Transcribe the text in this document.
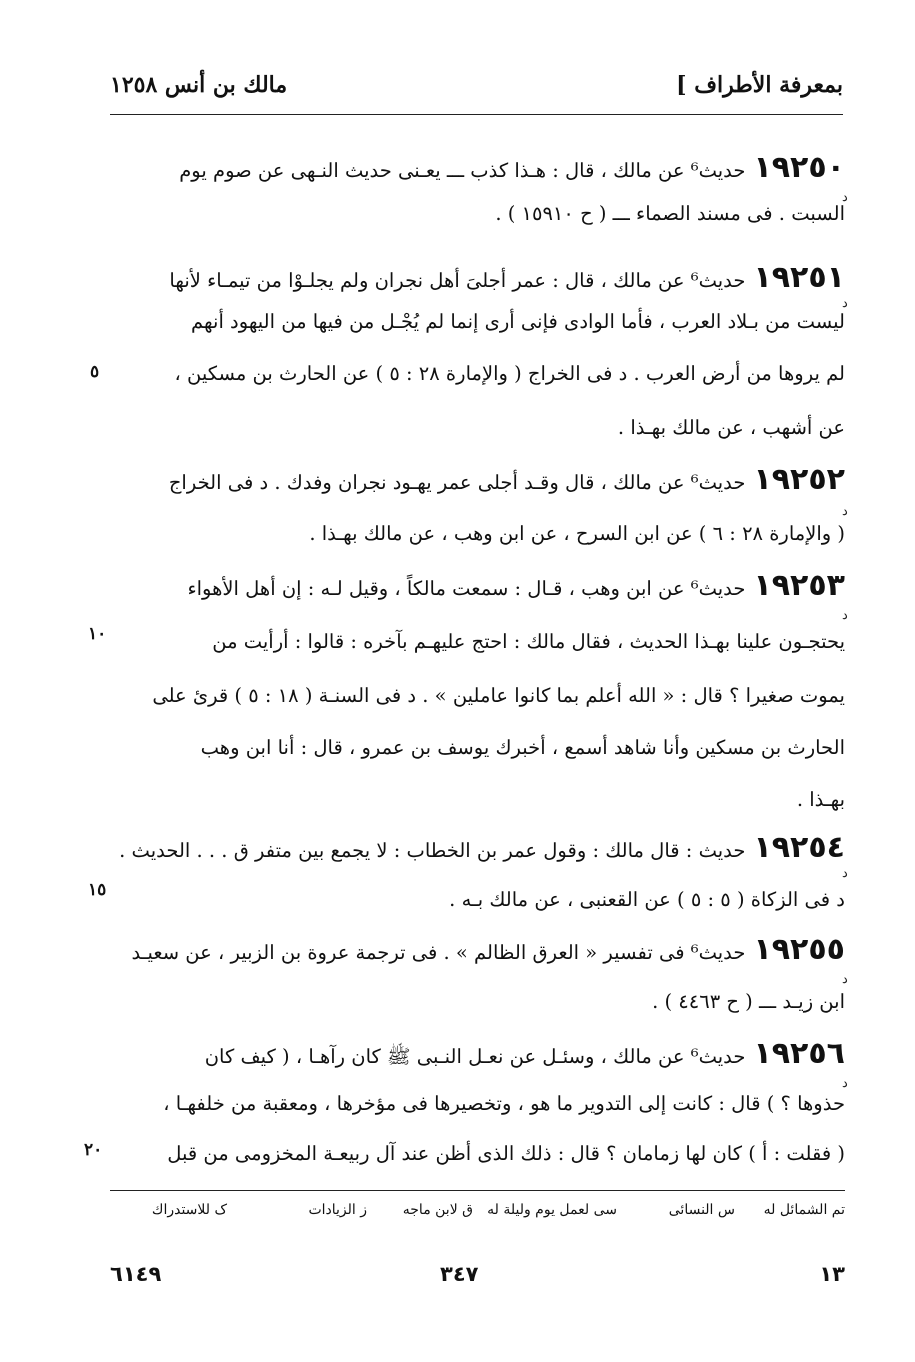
بمعرفة الأطراف ]
مالك بن أنس ١٢٥٨
١٩٢٥٠حديث⁶ عن مالك ، قال : هـذا كذب ـــ يعـنى حديث النـهى عن صوم يوم
السبت . فى مسند الصماء ـــ ( ح ١٥٩١٠ ) .
د
١٩٢٥١حديث⁶ عن مالك ، قال : عمر أجلىَ أهل نجران ولم يجلـوْا من تيمـاء لأنها
ليست من بـلاد العرب ، فأما الوادى فإنى أرى إنما لم يُجْـل من فيها من اليهود أنهم
لم يروها من أرض العرب . د فى الخراج ( والإمارة ٢٨ : ٥ ) عن الحارث بن مسكين ،
عن أشهب ، عن مالك بهـذا .
د
٥
١٩٢٥٢حديث⁶ عن مالك ، قال وقـد أجلى عمر يهـود نجران وفدك . د فى الخراج
( والإمارة ٢٨ : ٦ ) عن ابن السرح ، عن ابن وهب ، عن مالك بهـذا .
د
١٩٢٥٣حديث⁶ عن ابن وهب ، قـال : سمعت مالكاً ، وقيل لـه : إن أهل الأهواء
يحتجـون علينا بهـذا الحديث ، فقال مالك : احتج عليهـم بآخره : قالوا : أرأيت من
يموت صغيرا ؟ قال : « الله أعلم بما كانوا عاملين » . د فى السنـة ( ١٨ : ٥ ) قرئ على
الحارث بن مسكين وأنا شاهد أسمع ، أخبرك يوسف بن عمرو ، قال : أنا ابن وهب
بهـذا .
د
١٠
١٩٢٥٤حديث : قال مالك : وقول عمر بن الخطاب : لا يجمع بين متفر ق . . . الحديث .
د فى الزكاة ( ٥ : ٥ ) عن القعنبى ، عن مالك بـه .
د
١٥
١٩٢٥٥حديث⁶ فى تفسير « العرق الظالم » . فى ترجمة عروة بن الزبير ، عن سعيـد
ابن زيـد ـــ ( ح ٤٤٦٣ ) .
د
١٩٢٥٦حديث⁶ عن مالك ، وسئـل عن نعـل النـبى ﷺ كان رآهـا ، ( كيف كان
حذوها ؟ ) قال : كانت إلى التدوير ما هو ، وتخصيرها فى مؤخرها ، ومعقبة من خلفهـا ،
( فقلت : أ ) كان لها زمامان ؟ قال : ذلك الذى أظن عند آل ربيعـة المخزومى من قبل
د
٢٠
تم الشمائل له
س النسائى
سى لعمل يوم وليلة له
ق لابن ماجه
ز الزيادات
ک للاستدراك
١٣
٣٤٧
٦١٤٩
